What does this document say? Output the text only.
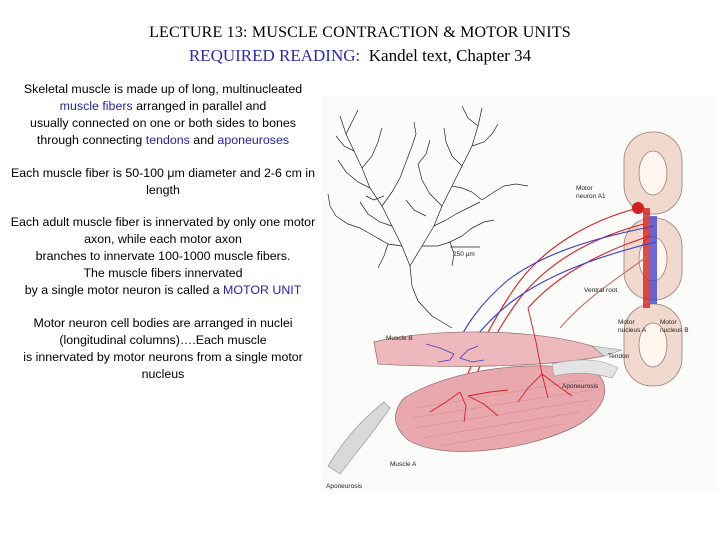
LECTURE 13: MUSCLE CONTRACTION & MOTOR UNITS
REQUIRED READING: Kandel text, Chapter 34

Skeletal muscle is made up of long, multinucleated
muscle fibers arranged in parallel and
usually connected on one or both sides to bones
through connecting tendons and aponeuroses

Each muscle fiber is 50-100 μm diameter and 2-6 cm in length

Each adult muscle fiber is innervated by only one motor axon, while each motor axon
branches to innervate 100-1000 muscle fibers.
The muscle fibers innervated
by a single motor neuron is called a MOTOR UNIT

Motor neuron cell bodies are arranged in nuclei
(longitudinal columns)….Each muscle
is innervated by motor neurons from a single motor nucleus

250 μm
Motor
neuron A1
Ventral root
Motor
nucleus A
Motor
nucleus B
Muscle B
Tendon
Aponeurosis
Muscle A
Aponeurosis
